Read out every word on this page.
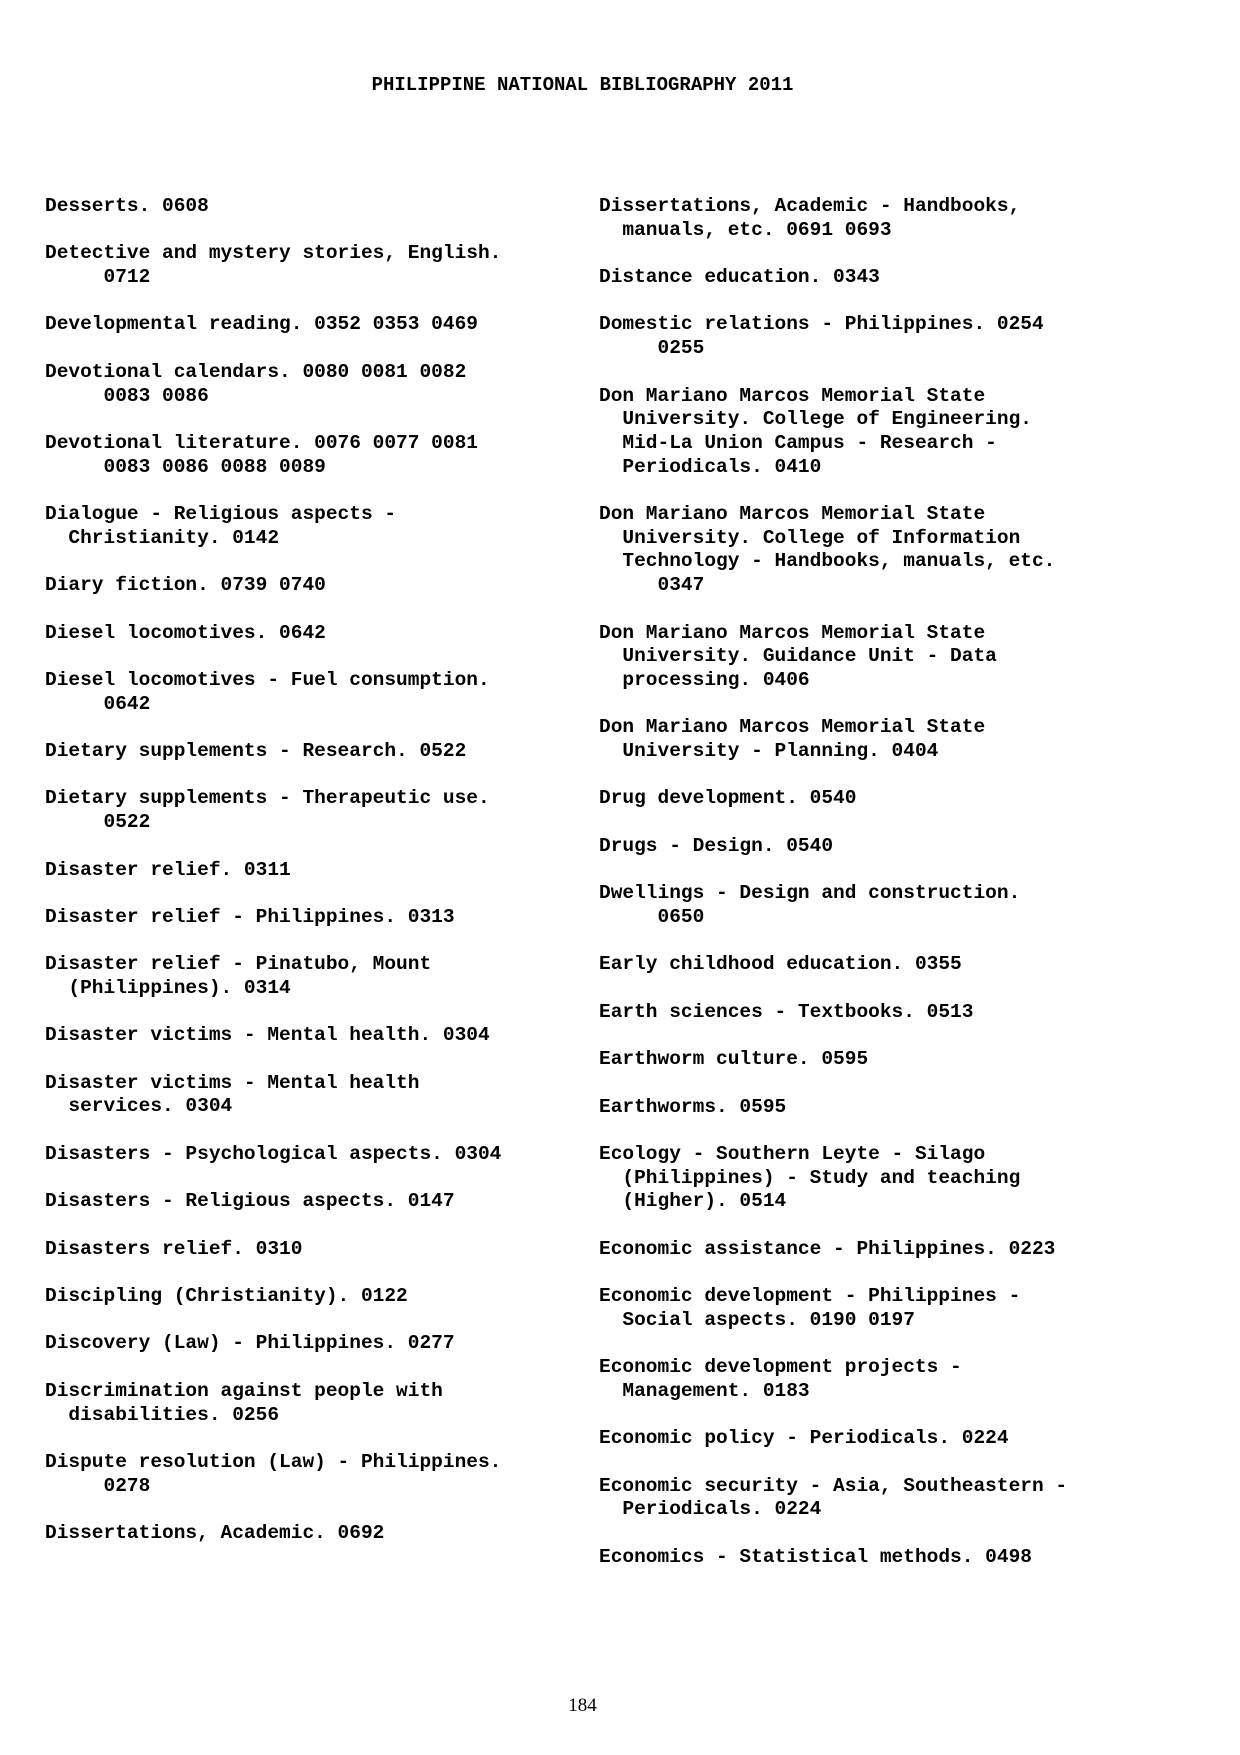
PHILIPPINE NATIONAL BIBLIOGRAPHY 2011
Desserts. 0608
Detective and mystery stories, English.
0712
Developmental reading. 0352 0353 0469
Devotional calendars. 0080 0081 0082
0083 0086
Devotional literature. 0076 0077 0081
0083 0086 0088 0089
Dialogue - Religious aspects -
Christianity. 0142
Diary fiction. 0739 0740
Diesel locomotives. 0642
Diesel locomotives - Fuel consumption.
0642
Dietary supplements - Research. 0522
Dietary supplements - Therapeutic use.
0522
Disaster relief. 0311
Disaster relief - Philippines. 0313
Disaster relief - Pinatubo, Mount
(Philippines). 0314
Disaster victims - Mental health. 0304
Disaster victims - Mental health
services. 0304
Disasters - Psychological aspects. 0304
Disasters - Religious aspects. 0147
Disasters relief. 0310
Discipling (Christianity). 0122
Discovery (Law) - Philippines. 0277
Discrimination against people with
disabilities. 0256
Dispute resolution (Law) - Philippines.
0278
Dissertations, Academic. 0692
Dissertations, Academic - Handbooks,
manuals, etc. 0691 0693
Distance education. 0343
Domestic relations - Philippines. 0254
0255
Don Mariano Marcos Memorial State
University. College of Engineering.
Mid-La Union Campus - Research -
Periodicals. 0410
Don Mariano Marcos Memorial State
University. College of Information
Technology - Handbooks, manuals, etc.
0347
Don Mariano Marcos Memorial State
University. Guidance Unit - Data
processing. 0406
Don Mariano Marcos Memorial State
University - Planning. 0404
Drug development. 0540
Drugs - Design. 0540
Dwellings - Design and construction.
0650
Early childhood education. 0355
Earth sciences - Textbooks. 0513
Earthworm culture. 0595
Earthworms. 0595
Ecology - Southern Leyte - Silago
(Philippines) - Study and teaching
(Higher). 0514
Economic assistance - Philippines. 0223
Economic development - Philippines -
Social aspects. 0190 0197
Economic development projects -
Management. 0183
Economic policy - Periodicals. 0224
Economic security - Asia, Southeastern -
Periodicals. 0224
Economics - Statistical methods. 0498
184
